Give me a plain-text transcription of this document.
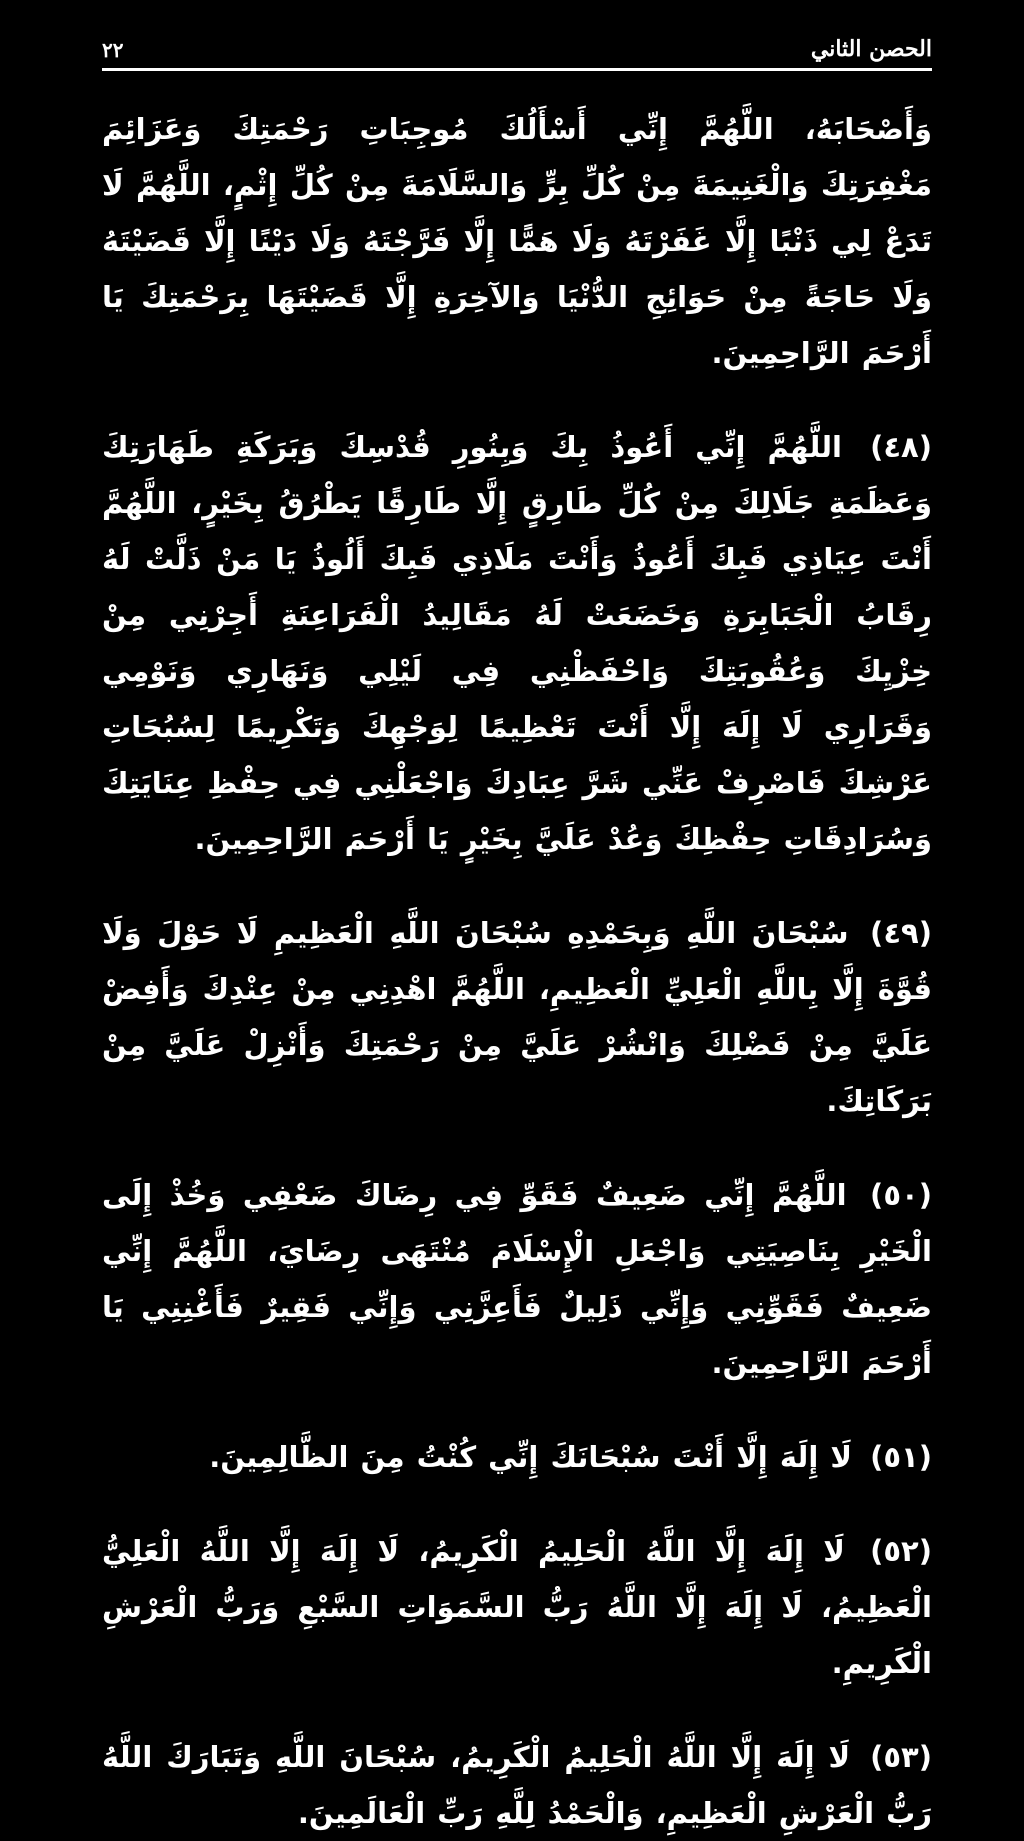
٢٢	الحصن الثاني

وَأَصْحَابَهُ، اللَّهُمَّ إِنِّي أَسْأَلُكَ مُوجِبَاتِ رَحْمَتِكَ وَعَزَائِمَ مَغْفِرَتِكَ وَالْغَنِيمَةَ مِنْ كُلِّ بِرٍّ وَالسَّلَامَةَ مِنْ كُلِّ إِثْمٍ، اللَّهُمَّ لَا تَدَعْ لِي ذَنْبًا إِلَّا غَفَرْتَهُ وَلَا هَمًّا إِلَّا فَرَّجْتَهُ وَلَا دَيْنًا إِلَّا قَضَيْتَهُ وَلَا حَاجَةً مِنْ حَوَائِجِ الدُّنْيَا وَالآخِرَةِ إِلَّا قَضَيْتَهَا بِرَحْمَتِكَ يَا أَرْحَمَ الرَّاحِمِينَ.

(٤٨) اللَّهُمَّ إِنِّي أَعُوذُ بِكَ وَبِنُورِ قُدْسِكَ وَبَرَكَةِ طَهَارَتِكَ وَعَظَمَةِ جَلَالِكَ مِنْ كُلِّ طَارِقٍ إِلَّا طَارِقًا يَطْرُقُ بِخَيْرٍ، اللَّهُمَّ أَنْتَ عِيَاذِي فَبِكَ أَعُوذُ وَأَنْتَ مَلَاذِي فَبِكَ أَلُوذُ يَا مَنْ ذَلَّتْ لَهُ رِقَابُ الْجَبَابِرَةِ وَخَضَعَتْ لَهُ مَقَالِيدُ الْفَرَاعِنَةِ أَجِرْنِي مِنْ خِزْيِكَ وَعُقُوبَتِكَ وَاحْفَظْنِي فِي لَيْلِي وَنَهَارِي وَنَوْمِي وَقَرَارِي لَا إِلَهَ إِلَّا أَنْتَ تَعْظِيمًا لِوَجْهِكَ وَتَكْرِيمًا لِسُبُحَاتِ عَرْشِكَ فَاصْرِفْ عَنِّي شَرَّ عِبَادِكَ وَاجْعَلْنِي فِي حِفْظِ عِنَايَتِكَ وَسُرَادِقَاتِ حِفْظِكَ وَعُدْ عَلَيَّ بِخَيْرٍ يَا أَرْحَمَ الرَّاحِمِينَ.

(٤٩) سُبْحَانَ اللَّهِ وَبِحَمْدِهِ سُبْحَانَ اللَّهِ الْعَظِيمِ لَا حَوْلَ وَلَا قُوَّةَ إِلَّا بِاللَّهِ الْعَلِيِّ الْعَظِيمِ، اللَّهُمَّ اهْدِنِي مِنْ عِنْدِكَ وَأَفِضْ عَلَيَّ مِنْ فَضْلِكَ وَانْشُرْ عَلَيَّ مِنْ رَحْمَتِكَ وَأَنْزِلْ عَلَيَّ مِنْ بَرَكَاتِكَ.

(٥٠) اللَّهُمَّ إِنِّي ضَعِيفٌ فَقَوِّ فِي رِضَاكَ ضَعْفِي وَخُذْ إِلَى الْخَيْرِ بِنَاصِيَتِي وَاجْعَلِ الْإِسْلَامَ مُنْتَهَى رِضَايَ، اللَّهُمَّ إِنِّي ضَعِيفٌ فَقَوِّنِي وَإِنِّي ذَلِيلٌ فَأَعِزَّنِي وَإِنِّي فَقِيرٌ فَأَغْنِنِي يَا أَرْحَمَ الرَّاحِمِينَ.

(٥١) لَا إِلَهَ إِلَّا أَنْتَ سُبْحَانَكَ إِنِّي كُنْتُ مِنَ الظَّالِمِينَ.

(٥٢) لَا إِلَهَ إِلَّا اللَّهُ الْحَلِيمُ الْكَرِيمُ، لَا إِلَهَ إِلَّا اللَّهُ الْعَلِيُّ الْعَظِيمُ، لَا إِلَهَ إِلَّا اللَّهُ رَبُّ السَّمَوَاتِ السَّبْعِ وَرَبُّ الْعَرْشِ الْكَرِيمِ.

(٥٣) لَا إِلَهَ إِلَّا اللَّهُ الْحَلِيمُ الْكَرِيمُ، سُبْحَانَ اللَّهِ وَتَبَارَكَ اللَّهُ رَبُّ الْعَرْشِ الْعَظِيمِ، وَالْحَمْدُ لِلَّهِ رَبِّ الْعَالَمِينَ.
